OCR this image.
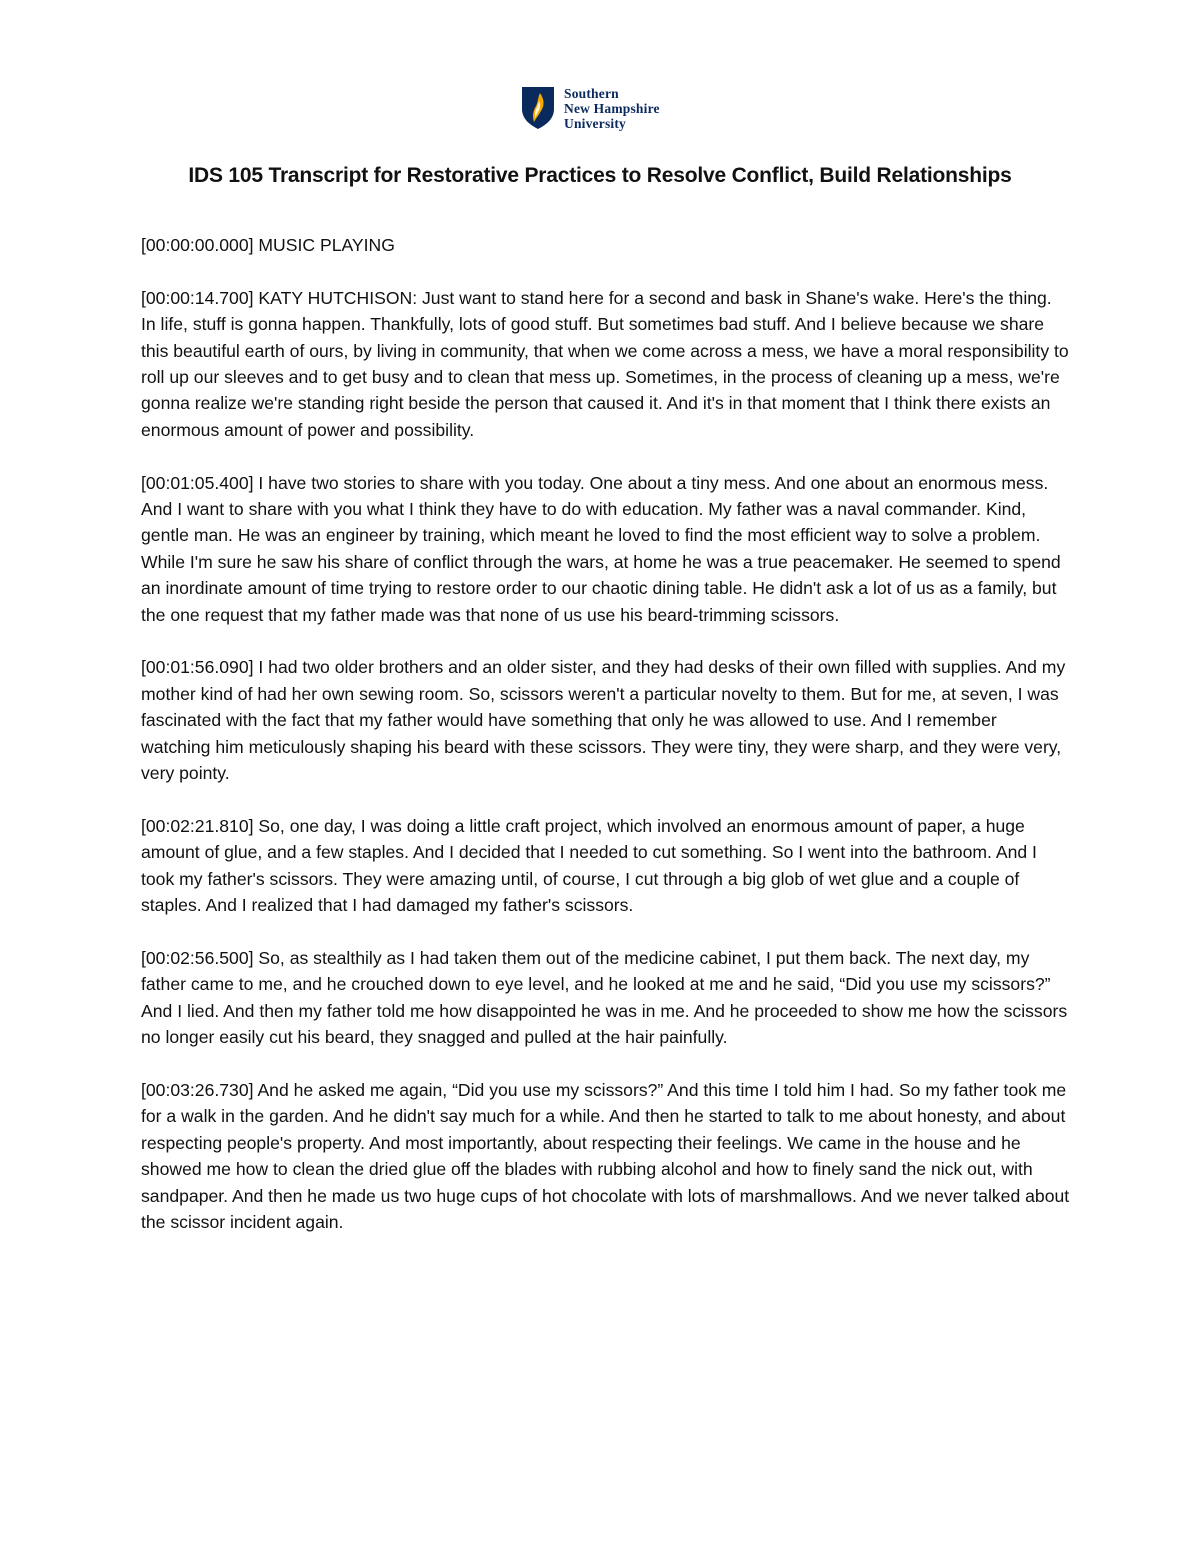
Southern
New Hampshire
University
IDS 105 Transcript for Restorative Practices to Resolve Conflict, Build Relationships

[00:00:00.000] MUSIC PLAYING

[00:00:14.700] KATY HUTCHISON: Just want to stand here for a second and bask in Shane's wake. Here's the thing. In life, stuff is gonna happen. Thankfully, lots of good stuff. But sometimes bad stuff. And I believe because we share this beautiful earth of ours, by living in community, that when we come across a mess, we have a moral responsibility to roll up our sleeves and to get busy and to clean that mess up. Sometimes, in the process of cleaning up a mess, we're gonna realize we're standing right beside the person that caused it. And it's in that moment that I think there exists an enormous amount of power and possibility.

[00:01:05.400] I have two stories to share with you today. One about a tiny mess. And one about an enormous mess. And I want to share with you what I think they have to do with education. My father was a naval commander. Kind, gentle man. He was an engineer by training, which meant he loved to find the most efficient way to solve a problem. While I'm sure he saw his share of conflict through the wars, at home he was a true peacemaker. He seemed to spend an inordinate amount of time trying to restore order to our chaotic dining table. He didn't ask a lot of us as a family, but the one request that my father made was that none of us use his beard-trimming scissors.

[00:01:56.090] I had two older brothers and an older sister, and they had desks of their own filled with supplies. And my mother kind of had her own sewing room. So, scissors weren't a particular novelty to them. But for me, at seven, I was fascinated with the fact that my father would have something that only he was allowed to use. And I remember watching him meticulously shaping his beard with these scissors. They were tiny, they were sharp, and they were very, very pointy.

[00:02:21.810] So, one day, I was doing a little craft project, which involved an enormous amount of paper, a huge amount of glue, and a few staples. And I decided that I needed to cut something. So I went into the bathroom. And I took my father's scissors. They were amazing until, of course, I cut through a big glob of wet glue and a couple of staples. And I realized that I had damaged my father's scissors.

[00:02:56.500] So, as stealthily as I had taken them out of the medicine cabinet, I put them back. The next day, my father came to me, and he crouched down to eye level, and he looked at me and he said, “Did you use my scissors?” And I lied. And then my father told me how disappointed he was in me. And he proceeded to show me how the scissors no longer easily cut his beard, they snagged and pulled at the hair painfully.

[00:03:26.730] And he asked me again, “Did you use my scissors?” And this time I told him I had. So my father took me for a walk in the garden. And he didn't say much for a while. And then he started to talk to me about honesty, and about respecting people's property. And most importantly, about respecting their feelings. We came in the house and he showed me how to clean the dried glue off the blades with rubbing alcohol and how to finely sand the nick out, with sandpaper. And then he made us two huge cups of hot chocolate with lots of marshmallows. And we never talked about the scissor incident again.
